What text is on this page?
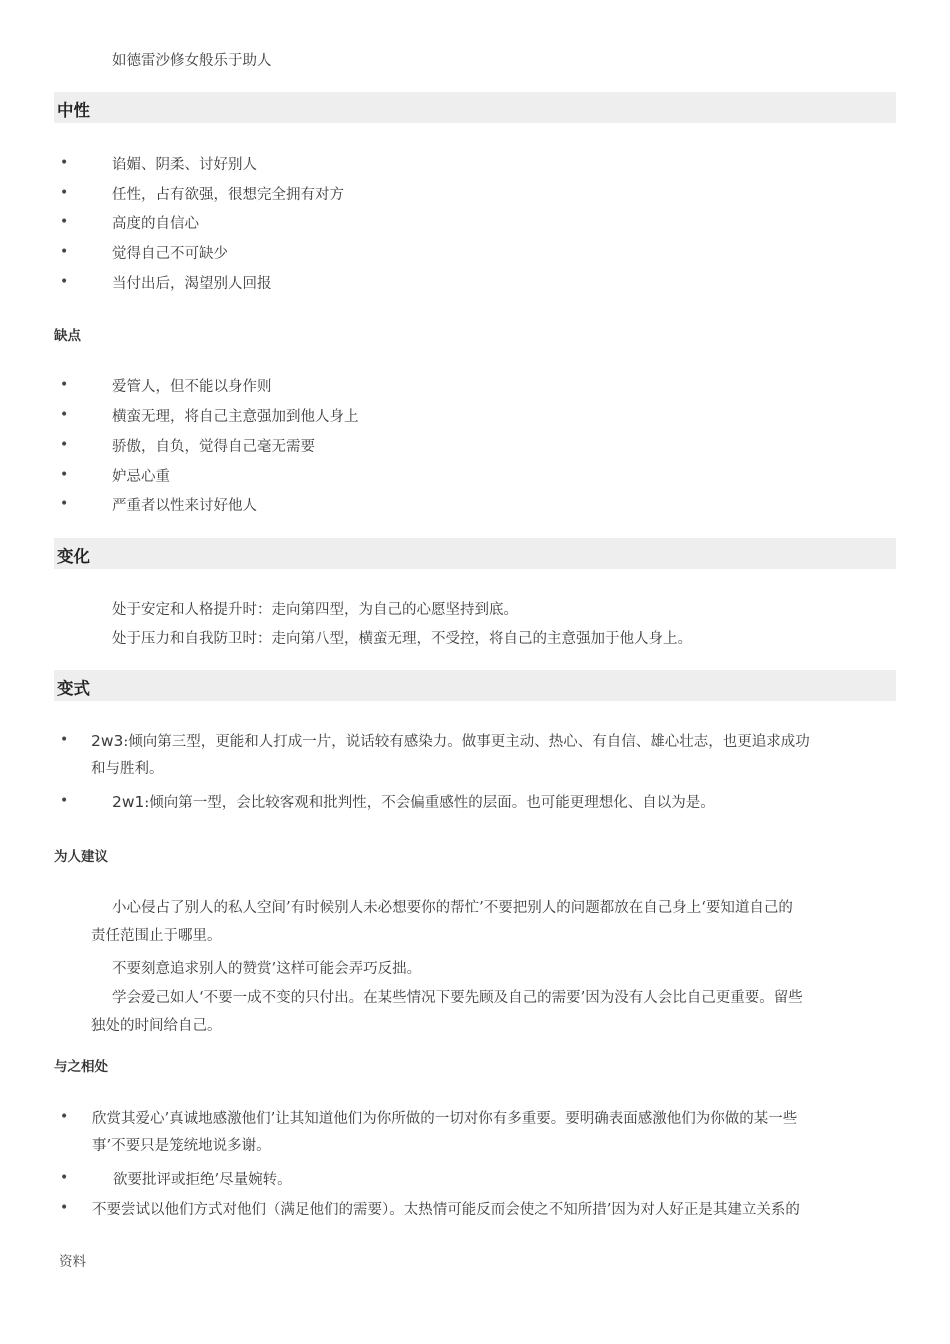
如德雷沙修女般乐于助人
中性
•	谄媚、阴柔、讨好别人
•	任性，占有欲强，很想完全拥有对方
•	高度的自信心
•	觉得自己不可缺少
•	当付出后，渴望别人回报
缺点
•	爱管人，但不能以身作则
•	横蛮无理，将自己主意强加到他人身上
•	骄傲，自负，觉得自己毫无需要
•	妒忌心重
•	严重者以性来讨好他人
变化
处于安定和人格提升时：走向第四型，为自己的心愿坚持到底。
处于压力和自我防卫时：走向第八型，横蛮无理，不受控，将自己的主意强加于他人身上。
变式
• 2w3:倾向第三型，更能和人打成一片，说话较有感染力。做事更主动、热心、有自信、雄心壮志，也更追求成功
和与胜利。
•	2w1:倾向第一型，会比较客观和批判性，不会偏重感性的层面。也可能更理想化、自以为是。
为人建议
小心侵占了别人的私人空间’有时候别人未必想要你的帮忙’不要把别人的问题都放在自己身上‘要知道自己的
责任范围止于哪里。
不要刻意追求别人的赞赏’这样可能会弄巧反拙。
学会爱己如人‘不要一成不变的只付出。在某些情况下要先顾及自己的需要’因为没有人会比自己更重要。留些
独处的时间给自己。
与之相处
• 欣赏其爱心’真诚地感激他们’让其知道他们为你所做的一切对你有多重要。要明确表面感激他们为你做的某一些
事’不要只是笼统地说多谢。
•	欲要批评或拒绝’尽量婉转。
• 不要尝试以他们方式对他们（满足他们的需要）。太热情可能反而会使之不知所措’因为对人好正是其建立关系的
资料
